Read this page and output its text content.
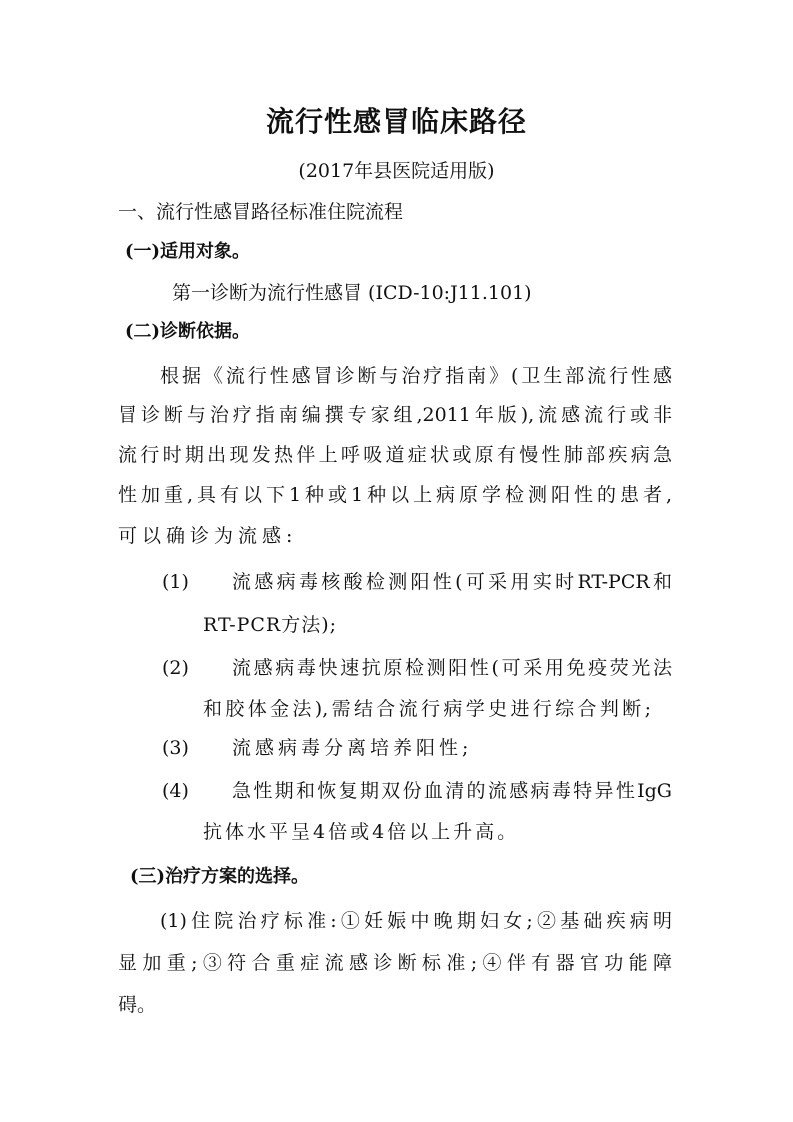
流行性感冒临床路径
(2017年县医院适用版)
一、流行性感冒路径标准住院流程
(一)适用对象。
第一诊断为流行性感冒 (ICD-10:J11.101)
(二)诊断依据。
根据《流行性感冒诊断与治疗指南》(卫生部流行性感
冒诊断与治疗指南编撰专家组,2011年版),流感流行或非
流行时期出现发热伴上呼吸道症状或原有慢性肺部疾病急
性加重,具有以下1种或1种以上病原学检测阳性的患者,
可以确诊为流感:
(1) 流感病毒核酸检测阳性(可采用实时RT-PCR和
RT-PCR方法);
(2) 流感病毒快速抗原检测阳性(可采用免疫荧光法
和胶体金法),需结合流行病学史进行综合判断;
(3) 流感病毒分离培养阳性;
(4) 急性期和恢复期双份血清的流感病毒特异性IgG
抗体水平呈4倍或4倍以上升高。
(三)治疗方案的选择。
(1)住院治疗标准:①妊娠中晚期妇女;②基础疾病明
显加重;③符合重症流感诊断标准;④伴有器官功能障
碍。
